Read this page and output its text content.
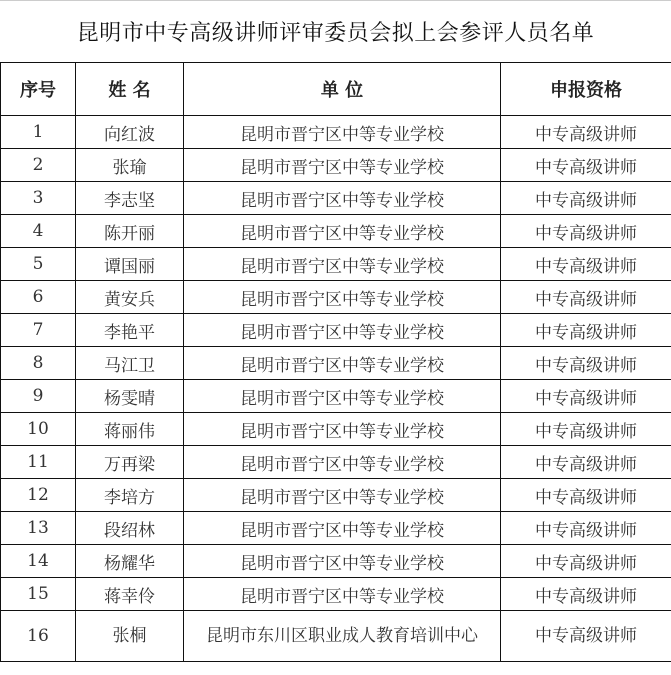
昆明市中专高级讲师评审委员会拟上会参评人员名单
序号	姓 名	单 位	申报资格
1	向红波	昆明市晋宁区中等专业学校	中专高级讲师
2	张瑜	昆明市晋宁区中等专业学校	中专高级讲师
3	李志坚	昆明市晋宁区中等专业学校	中专高级讲师
4	陈开丽	昆明市晋宁区中等专业学校	中专高级讲师
5	谭国丽	昆明市晋宁区中等专业学校	中专高级讲师
6	黄安兵	昆明市晋宁区中等专业学校	中专高级讲师
7	李艳平	昆明市晋宁区中等专业学校	中专高级讲师
8	马江卫	昆明市晋宁区中等专业学校	中专高级讲师
9	杨雯晴	昆明市晋宁区中等专业学校	中专高级讲师
10	蒋丽伟	昆明市晋宁区中等专业学校	中专高级讲师
11	万再梁	昆明市晋宁区中等专业学校	中专高级讲师
12	李培方	昆明市晋宁区中等专业学校	中专高级讲师
13	段绍林	昆明市晋宁区中等专业学校	中专高级讲师
14	杨耀华	昆明市晋宁区中等专业学校	中专高级讲师
15	蒋幸伶	昆明市晋宁区中等专业学校	中专高级讲师
16	张桐	昆明市东川区职业成人教育培训中心	中专高级讲师
